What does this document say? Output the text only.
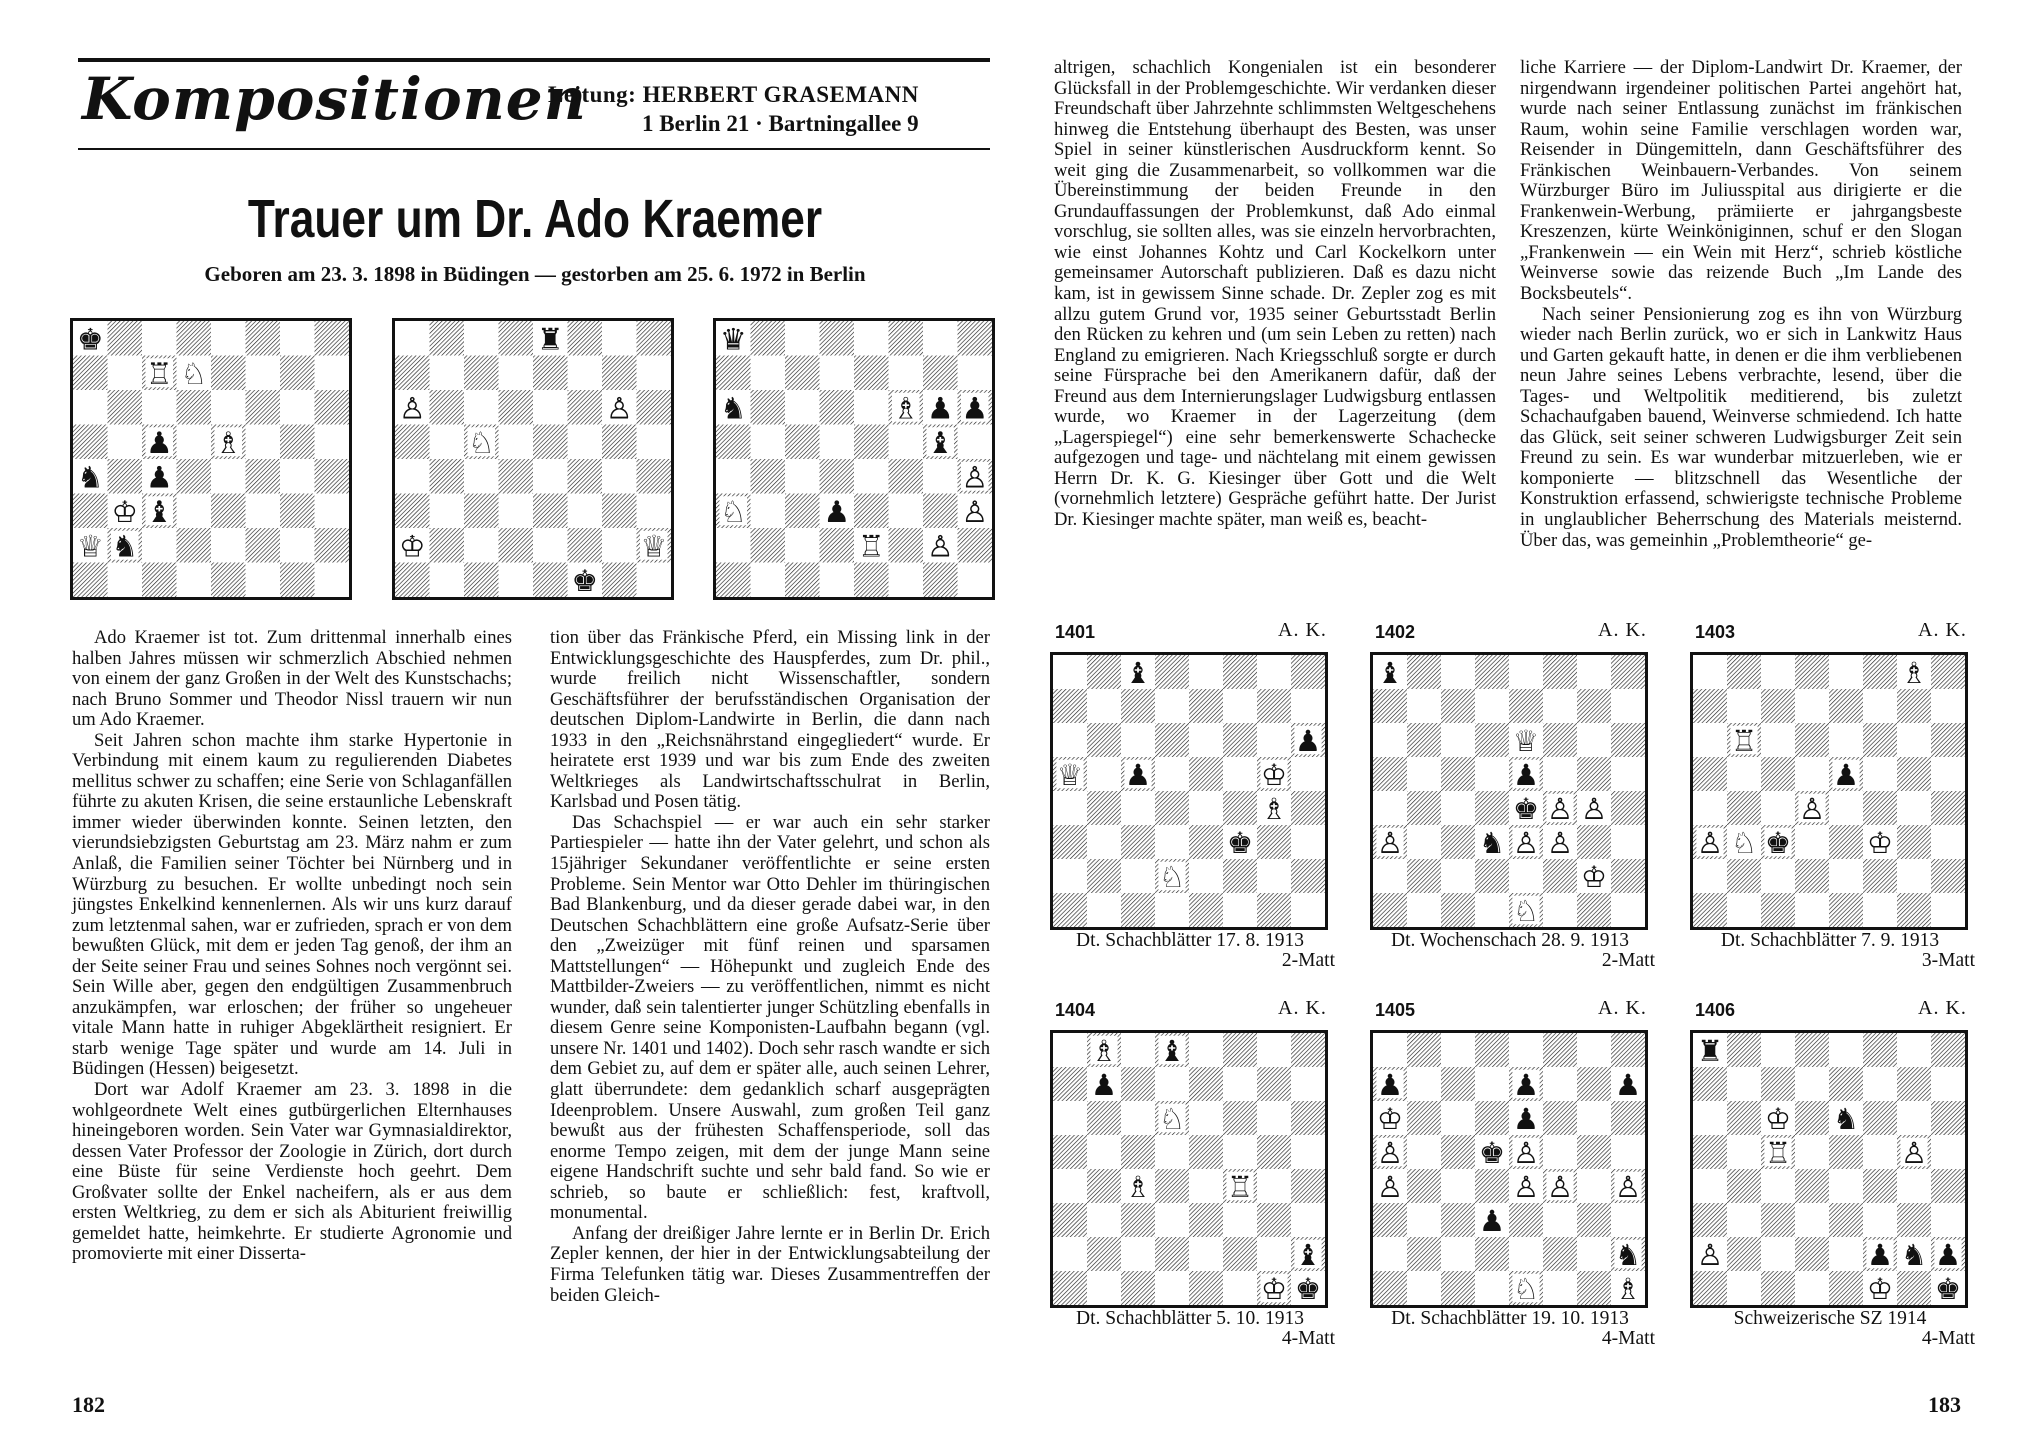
Kompositionen
Leitung: HERBERT GRASEMANN
1 Berlin 21 · Bartningallee 9
Trauer um Dr. Ado Kraemer
Geboren am 23. 3. 1898 in Büdingen — gestorben am 25. 6. 1972 in Berlin
♚
♖ ♘
♟ ♗
♞ ♟
♔ ♝
♕ ♞
♜
♙	♙
♘
♔	♕
♚
♛
♞	♗ ♟ ♟
♝
♙
♘	♟	♙
♙
♖

Ado Kraemer ist tot. Zum drittenmal innerhalb eines halben Jahres müssen wir schmerzlich Abschied nehmen von einem der ganz Großen in der Welt des Kunstschachs; nach Bruno Sommer und Theodor Nissl trauern wir nun um Ado Kraemer.

Seit Jahren schon machte ihm starke Hypertonie in Verbindung mit einem kaum zu regulierenden Diabetes mellitus schwer zu schaffen; eine Serie von Schlaganfällen führte zu akuten Krisen, die seine erstaunliche Lebenskraft immer wieder überwinden konnte. Seinen letzten, den vierundsiebzigsten Geburtstag am 23. März nahm er zum Anlaß, die Familien seiner Töchter bei Nürnberg und in Würzburg zu besuchen. Er wollte unbedingt noch sein jüngstes Enkelkind kennenlernen. Als wir uns kurz darauf zum letztenmal sahen, war er zufrieden, sprach er von dem bewußten Glück, mit dem er jeden Tag genoß, der ihm an der Seite seiner Frau und seines Sohnes noch vergönnt sei. Sein Wille aber, gegen den endgültigen Zusammenbruch anzukämpfen, war erloschen; der früher so ungeheuer vitale Mann hatte in ruhiger Abgeklärtheit resigniert. Er starb wenige Tage später und wurde am 14. Juli in Büdingen (Hessen) beigesetzt.

Dort war Adolf Kraemer am 23. 3. 1898 in die wohlgeordnete Welt eines gutbürgerlichen Elternhauses hineingeboren worden. Sein Vater war Gymnasialdirektor, dessen Vater Professor der Zoologie in Zürich, dort durch eine Büste für seine Verdienste hoch geehrt. Dem Großvater sollte der Enkel nacheifern, als er aus dem ersten Weltkrieg, zu dem er sich als Abiturient freiwillig gemeldet hatte, heimkehrte. Er studierte Agronomie und promovierte mit einer Disserta-

tion über das Fränkische Pferd, ein Missing link in der Entwicklungsgeschichte des Hauspferdes, zum Dr. phil., wurde freilich nicht Wissenschaftler, sondern Geschäftsführer der berufsständischen Organisation der deutschen Diplom-Landwirte in Berlin, die dann nach 1933 in den „Reichsnährstand eingegliedert“ wurde. Er heiratete erst 1939 und war bis zum Ende des zweiten Weltkrieges als Landwirtschaftsschulrat in Berlin, Karlsbad und Posen tätig.

Das Schachspiel — er war auch ein sehr starker Partiespieler — hatte ihn der Vater gelehrt, und schon als 15jähriger Sekundaner veröffentlichte er seine ersten Probleme. Sein Mentor war Otto Dehler im thüringischen Bad Blankenburg, und da dieser gerade dabei war, in den Deutschen Schachblättern eine große Aufsatz-Serie über den „Zweizüger mit fünf reinen und sparsamen Mattstellungen“ — Höhepunkt und zugleich Ende des Mattbilder-Zweiers — zu veröffentlichen, nimmt es nicht wunder, daß sein talentierter junger Schützling ebenfalls in diesem Genre seine Komponisten-Laufbahn begann (vgl. unsere Nr. 1401 und 1402). Doch sehr rasch wandte er sich dem Gebiet zu, auf dem er später alle, auch seinen Lehrer, glatt überrundete: dem gedanklich scharf ausgeprägten Ideenproblem. Unsere Auswahl, zum großen Teil ganz bewußt aus der frühesten Schaffensperiode, soll das enorme Tempo zeigen, mit dem der junge Mann seine eigene Handschrift suchte und sehr bald fand. So wie er schrieb, so baute er schließlich: fest, kraftvoll, monumental.

Anfang der dreißiger Jahre lernte er in Berlin Dr. Erich Zepler kennen, der hier in der Entwicklungsabteilung der Firma Telefunken tätig war. Dieses Zusammentreffen der beiden Gleich-

altrigen, schachlich Kongenialen ist ein besonderer Glücksfall in der Problemgeschichte. Wir verdanken dieser Freundschaft über Jahrzehnte schlimmsten Weltgeschehens hinweg die Entstehung überhaupt des Besten, was unser Spiel in seiner künstlerischen Ausdruckform kennt. So weit ging die Zusammenarbeit, so vollkommen war die Übereinstimmung der beiden Freunde in den Grundauffassungen der Problemkunst, daß Ado einmal vorschlug, sie sollten alles, was sie einzeln hervorbrachten, wie einst Johannes Kohtz und Carl Kockelkorn unter gemeinsamer Autorschaft publizieren. Daß es dazu nicht kam, ist in gewissem Sinne schade. Dr. Zepler zog es mit allzu gutem Grund vor, 1935 seiner Geburtsstadt Berlin den Rücken zu kehren und (um sein Leben zu retten) nach England zu emigrieren. Nach Kriegsschluß sorgte er durch seine Fürsprache bei den Amerikanern dafür, daß der Freund aus dem Internierungslager Ludwigsburg entlassen wurde, wo Kraemer in der Lagerzeitung (dem „Lagerspiegel“) eine sehr bemerkenswerte Schachecke aufgezogen und tage- und nächtelang mit einem gewissen Herrn Dr. K. G. Kiesinger über Gott und die Welt (vornehmlich letztere) Gespräche geführt hatte. Der Jurist Dr. Kiesinger machte später, man weiß es, beacht-

liche Karriere — der Diplom-Landwirt Dr. Kraemer, der nirgendwann irgendeiner politischen Partei angehört hat, wurde nach seiner Entlassung zunächst im fränkischen Raum, wohin seine Familie verschlagen worden war, Reisender in Düngemitteln, dann Geschäftsführer des Fränkischen Weinbauern-Verbandes. Von seinem Würzburger Büro im Juliusspital aus dirigierte er die Frankenwein-Werbung, prämiierte er jahrgangsbeste Kreszenzen, kürte Weinköniginnen, schuf er den Slogan „Frankenwein — ein Wein mit Herz“, schrieb köstliche Weinverse sowie das reizende Buch „Im Lande des Bocksbeutels“.

Nach seiner Pensionierung zog es ihn von Würzburg wieder nach Berlin zurück, wo er sich in Lankwitz Haus und Garten gekauft hatte, in denen er die ihm verbliebenen neun Jahre seines Lebens verbrachte, lesend, über die Tages- und Weltpolitik meditierend, bis zuletzt Schachaufgaben bauend, Weinverse schmiedend. Ich hatte das Glück, seit seiner schweren Ludwigsburger Zeit sein Freund zu sein. Es war wunderbar mitzuerleben, wie er komponierte — blitzschnell das Wesentliche der Konstruktion erfassend, schwierigste technische Probleme in unglaublicher Beherrschung des Materials meisternd. Über das, was gemeinhin „Problemtheorie“ ge-

182	183
1401	A. K.
♝
♟
♕ ♟	♔
♗
♚
♘
Dt. Schachblätter 17. 8. 1913
2-Matt
1402	A. K.
♝
♕
♟
♚ ♙ ♙
♙	♞ ♙ ♙
♔
♘
Dt. Wochenschach 28. 9. 1913
2-Matt
1403	A. K.
♗
♖
♟
♙
♙ ♘ ♚	♔
Dt. Schachblätter 7. 9. 1913
3-Matt
1404	A. K.
♗ ♝
♟
♘
♗	♖
♝
♔ ♚
Dt. Schachblätter 5. 10. 1913
4-Matt
1405	A. K.
♟	♟	♟
♔	♟
♙	♚ ♙
♙	♙ ♙ ♙
♟
♞
♘	♗
Dt. Schachblätter 19. 10. 1913
4-Matt
1406	A. K.
♜
♔ ♞
♖	♙
♙	♟ ♞ ♟
♔ ♚
Schweizerische SZ 1914
4-Matt
